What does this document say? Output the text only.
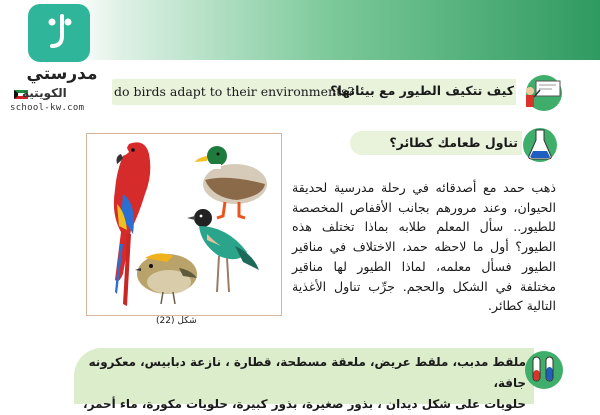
مدرستي
الكويتية
school-kw.com
do birds adapt to their environments?
كيف تتكيف الطيور مع بيئاتها؟
تناول طعامك كطائر؟
شكل (22)
ذهب حمد مع أصدقائه في رحلة مدرسية لحديقة الحيوان، وعند مرورهم بجانب الأقفاص المخصصة للطيور.. سأل المعلم طلابه بماذا تختلف هذه الطيور؟ أول ما لاحظه حمد، الاختلاف في مناقير الطيور فسأل معلمه، لماذا الطيور لها مناقير مختلفة في الشكل والحجم. جرِّب تناول الأغذية التالية كطائر.
ملقط مدبب، ملقط عريض، ملعقة مسطحة، قطارة ، نازعة دبابيس، معكرونه جافة،
حلويات على شكل ديدان ، بذور صغيرة، بذور كبيرة، حلويات مكورة، ماء أحمر،
